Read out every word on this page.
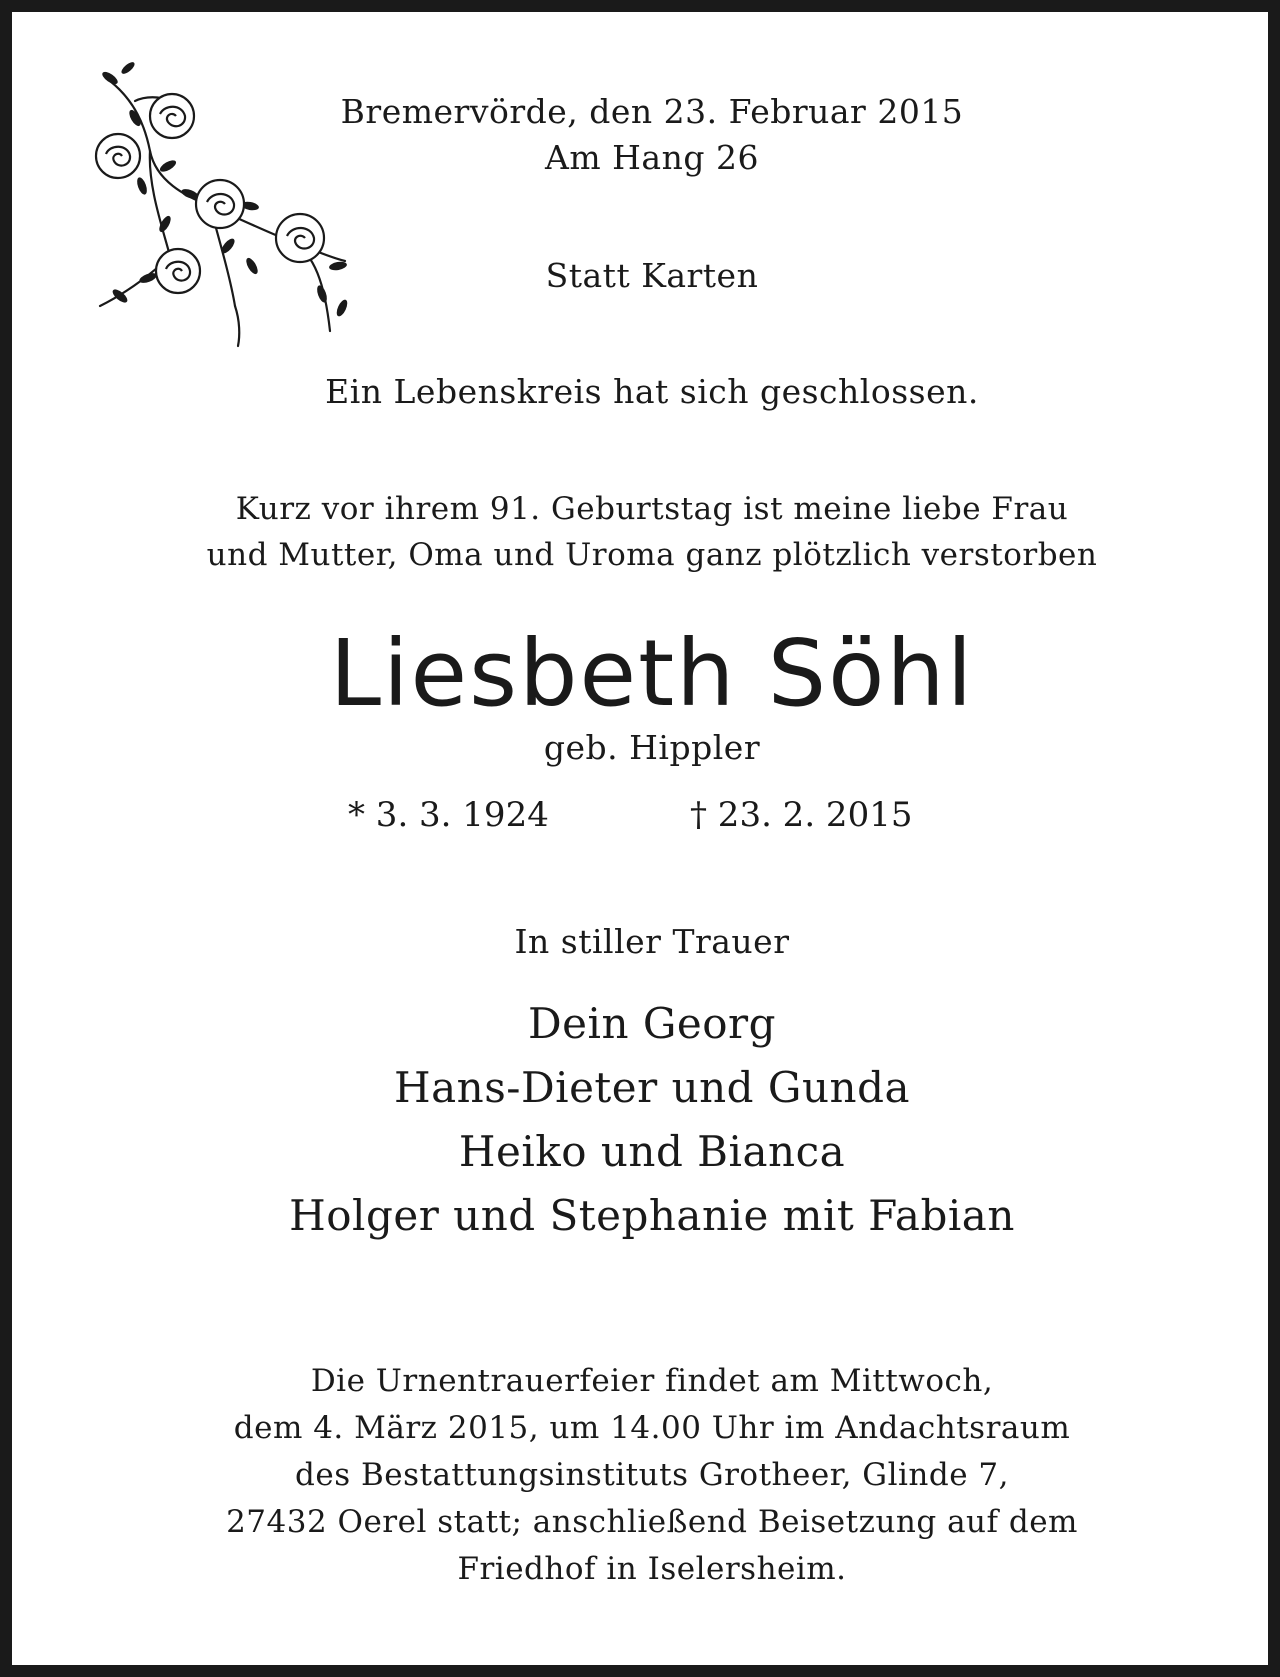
Bremervörde, den 23. Februar 2015
Am Hang 26
Statt Karten
Ein Lebenskreis hat sich geschlossen.
Kurz vor ihrem 91. Geburtstag ist meine liebe Frau
und Mutter, Oma und Uroma ganz plötzlich verstorben
Liesbeth Söhl
geb. Hippler
* 3. 3. 1924	† 23. 2. 2015
In stiller Trauer
Dein Georg
Hans-Dieter und Gunda
Heiko und Bianca
Holger und Stephanie mit Fabian
Die Urnentrauerfeier findet am Mittwoch,
dem 4. März 2015, um 14.00 Uhr im Andachtsraum
des Bestattungsinstituts Grotheer, Glinde 7,
27432 Oerel statt; anschließend Beisetzung auf dem
Friedhof in Iselersheim.
